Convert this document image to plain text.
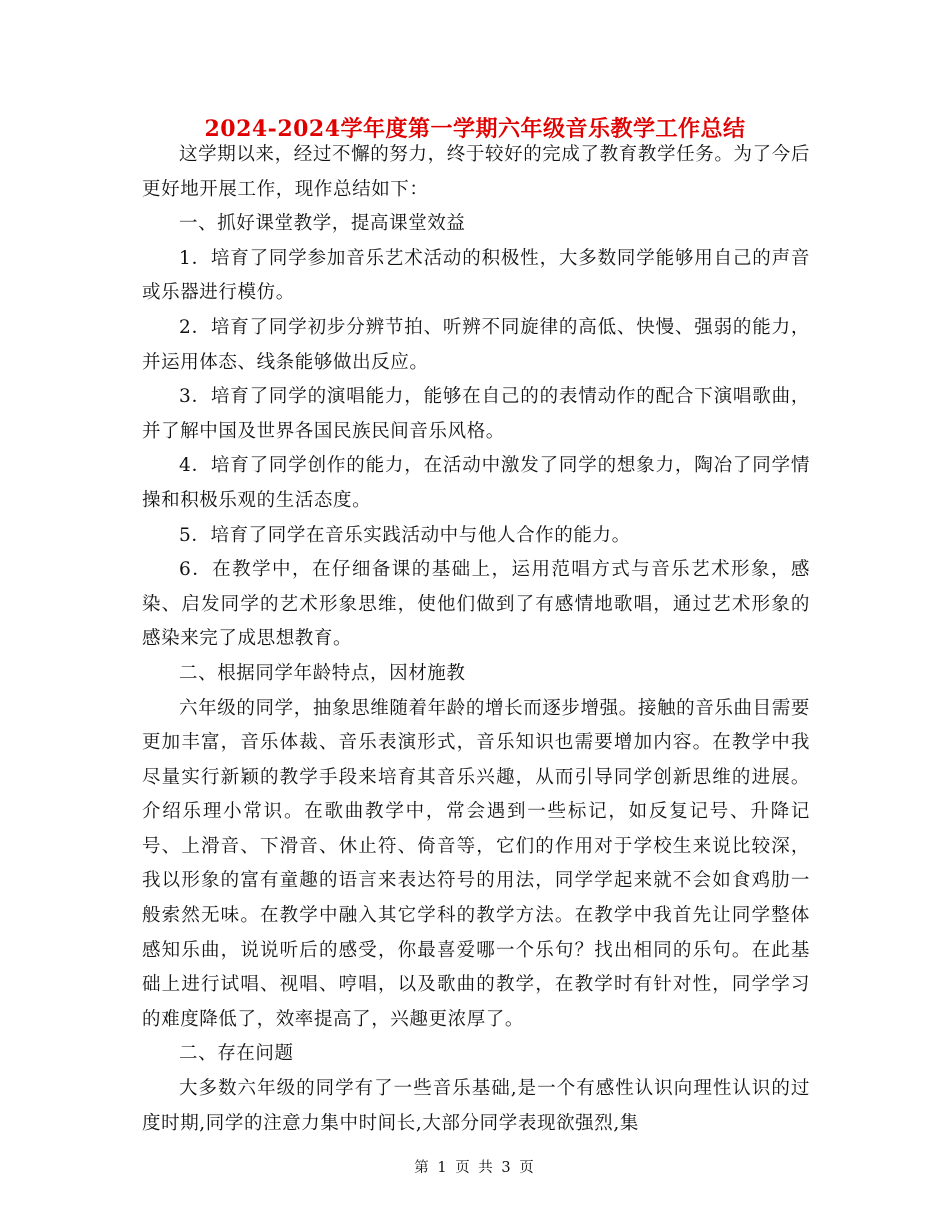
2024-2024学年度第一学期六年级音乐教学工作总结

这学期以来，经过不懈的努力，终于较好的完成了教育教学任务。为了今后更好地开展工作，现作总结如下：

一、抓好课堂教学，提高课堂效益

1．培育了同学参加音乐艺术活动的积极性，大多数同学能够用自己的声音或乐器进行模仿。

2．培育了同学初步分辨节拍、听辨不同旋律的高低、快慢、强弱的能力，并运用体态、线条能够做出反应。

3．培育了同学的演唱能力，能够在自己的的表情动作的配合下演唱歌曲，并了解中国及世界各国民族民间音乐风格。

4．培育了同学创作的能力，在活动中激发了同学的想象力，陶冶了同学情操和积极乐观的生活态度。

5．培育了同学在音乐实践活动中与他人合作的能力。

6．在教学中，在仔细备课的基础上，运用范唱方式与音乐艺术形象，感染、启发同学的艺术形象思维，使他们做到了有感情地歌唱，通过艺术形象的感染来完了成思想教育。

二、根据同学年龄特点，因材施教

六年级的同学，抽象思维随着年龄的增长而逐步增强。接触的音乐曲目需要更加丰富，音乐体裁、音乐表演形式，音乐知识也需要增加内容。在教学中我尽量实行新颖的教学手段来培育其音乐兴趣，从而引导同学创新思维的进展。介绍乐理小常识。在歌曲教学中，常会遇到一些标记，如反复记号、升降记号、上滑音、下滑音、休止符、倚音等，它们的作用对于学校生来说比较深，我以形象的富有童趣的语言来表达符号的用法，同学学起来就不会如食鸡肋一般索然无味。在教学中融入其它学科的教学方法。在教学中我首先让同学整体感知乐曲，说说听后的感受，你最喜爱哪一个乐句？找出相同的乐句。在此基础上进行试唱、视唱、哼唱，以及歌曲的教学，在教学时有针对性，同学学习的难度降低了，效率提高了，兴趣更浓厚了。

二、存在问题

大多数六年级的同学有了一些音乐基础,是一个有感性认识向理性认识的过度时期,同学的注意力集中时间长,大部分同学表现欲强烈,集

第 1 页 共 3 页
